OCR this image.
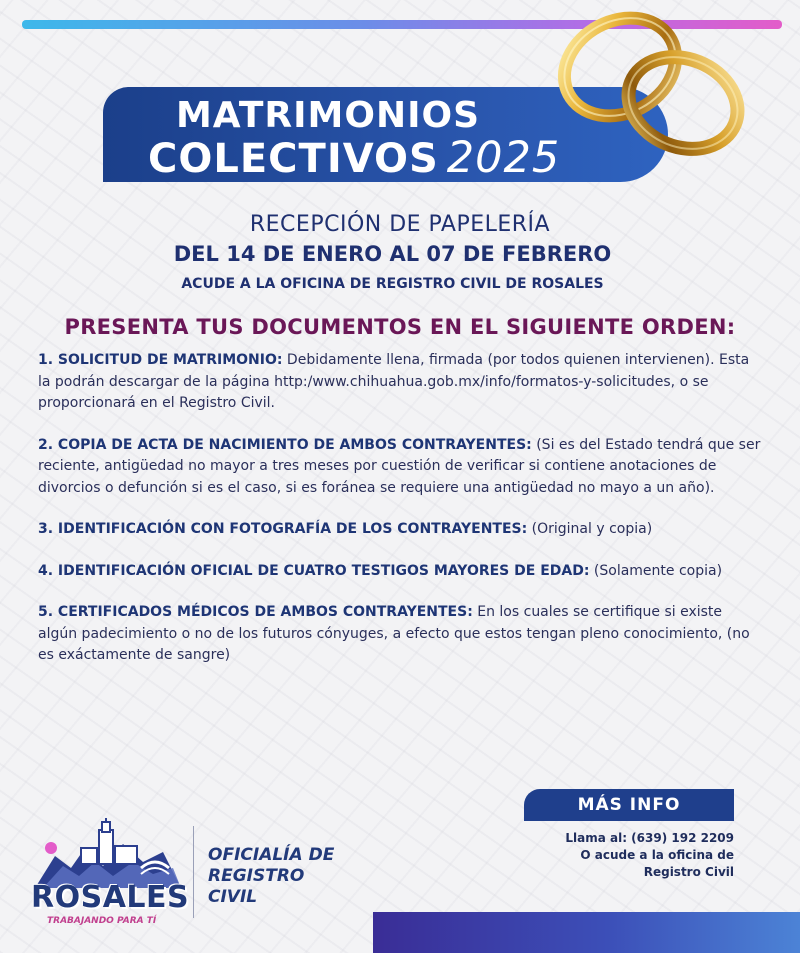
MATRIMONIOS
COLECTIVOS 2025
RECEPCIÓN DE PAPELERÍA
DEL 14 DE ENERO AL 07 DE FEBRERO
ACUDE A LA OFICINA DE REGISTRO CIVIL DE ROSALES
PRESENTA TUS DOCUMENTOS EN EL SIGUIENTE ORDEN:
1. SOLICITUD DE MATRIMONIO: Debidamente llena, firmada (por todos quienen intervienen). Esta la podrán descargar de la página http:/www.chihuahua.gob.mx/info/formatos-y-solicitudes, o se proporcionará en el Registro Civil.
2. COPIA DE ACTA DE NACIMIENTO DE AMBOS CONTRAYENTES: (Si es del Estado tendrá que ser reciente, antigüedad no mayor a tres meses por cuestión de verificar si contiene anotaciones de divorcios o defunción si es el caso, si es foránea se requiere una antigüedad no mayo a un año).
3. IDENTIFICACIÓN CON FOTOGRAFÍA DE LOS CONTRAYENTES: (Original y copia)
4. IDENTIFICACIÓN OFICIAL DE CUATRO TESTIGOS MAYORES DE EDAD: (Solamente copia)
5. CERTIFICADOS MÉDICOS DE AMBOS CONTRAYENTES: En los cuales se certifique si existe algún padecimiento o no de los futuros cónyuges, a efecto que estos tengan pleno conocimiento, (no es exáctamente de sangre)
MÁS INFO
Llama al: (639) 192 2209
O acude a la oficina de
Registro Civil
ROSALES
TRABAJANDO PARA TÍ
OFICIALÍA DE
REGISTRO
CIVIL
